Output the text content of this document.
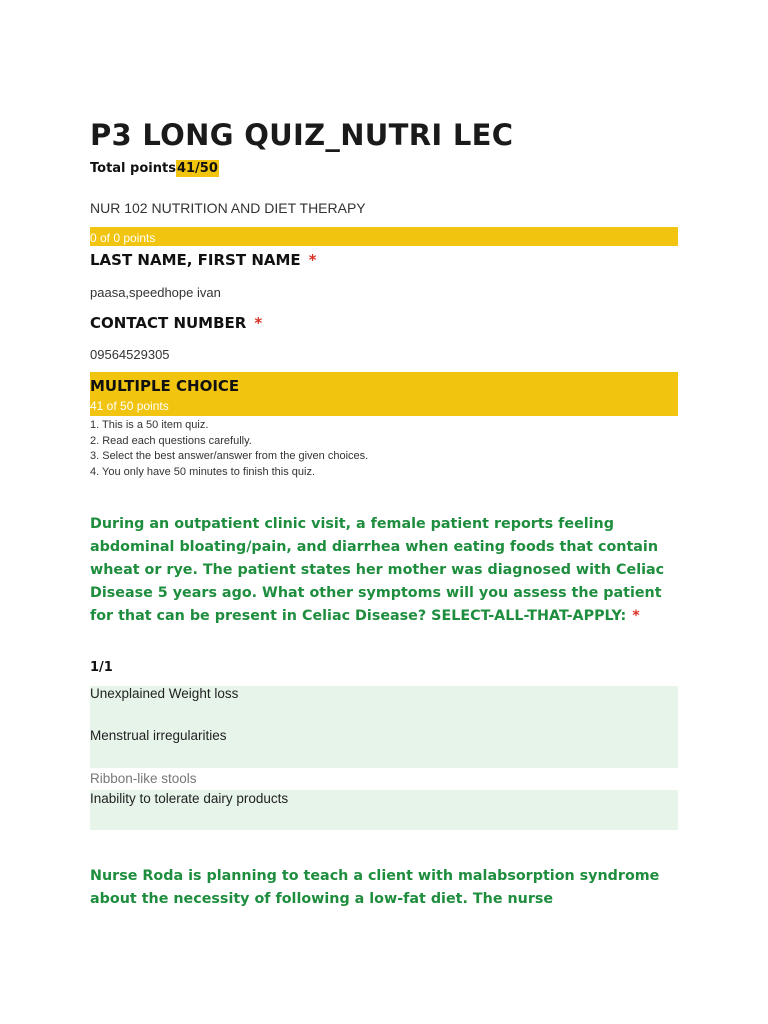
P3 LONG QUIZ_NUTRI LEC
Total points41/50
NUR 102 NUTRITION AND DIET THERAPY
0 of 0 points
LAST NAME, FIRST NAME *
paasa,speedhope ivan
CONTACT NUMBER *
09564529305
MULTIPLE CHOICE
41 of 50 points
1. This is a 50 item quiz.
2. Read each questions carefully.
3. Select the best answer/answer from the given choices.
4. You only have 50 minutes to finish this quiz.
During an outpatient clinic visit, a female patient reports feeling abdominal bloating/pain, and diarrhea when eating foods that contain wheat or rye. The patient states her mother was diagnosed with Celiac Disease 5 years ago. What other symptoms will you assess the patient for that can be present in Celiac Disease? SELECT-ALL-THAT-APPLY: *
1/1
Unexplained Weight loss
Menstrual irregularities
Ribbon-like stools
Inability to tolerate dairy products
Nurse Roda is planning to teach a client with malabsorption syndrome about the necessity of following a low-fat diet. The nurse
